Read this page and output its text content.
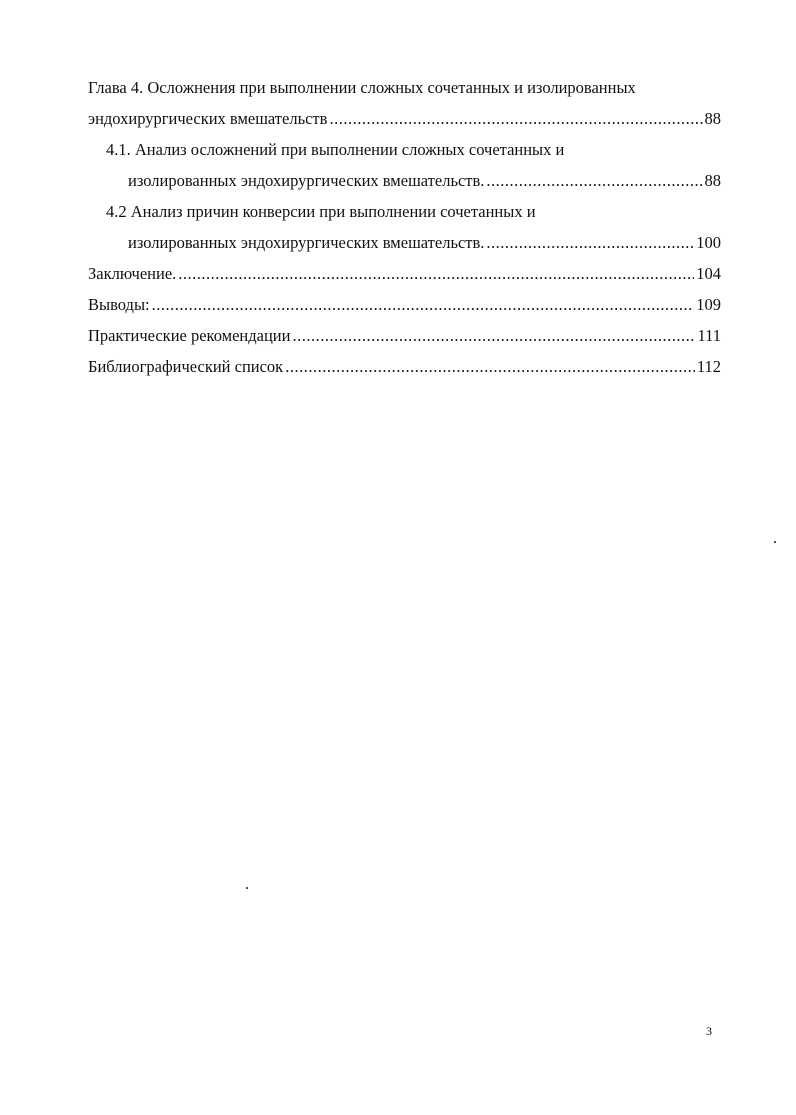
Глава 4. Осложнения при выполнении сложных сочетанных и изолированных
эндохирургических вмешательств .....	88
4.1. Анализ осложнений при выполнении сложных сочетанных и
изолированных эндохирургических вмешательств. .....	88
4.2 Анализ причин конверсии при выполнении сочетанных и
изолированных эндохирургических вмешательств. .....	100
Заключение. .....	104
Выводы: .....	109
Практические рекомендации .....	111
Библиографический список .....	112
3
